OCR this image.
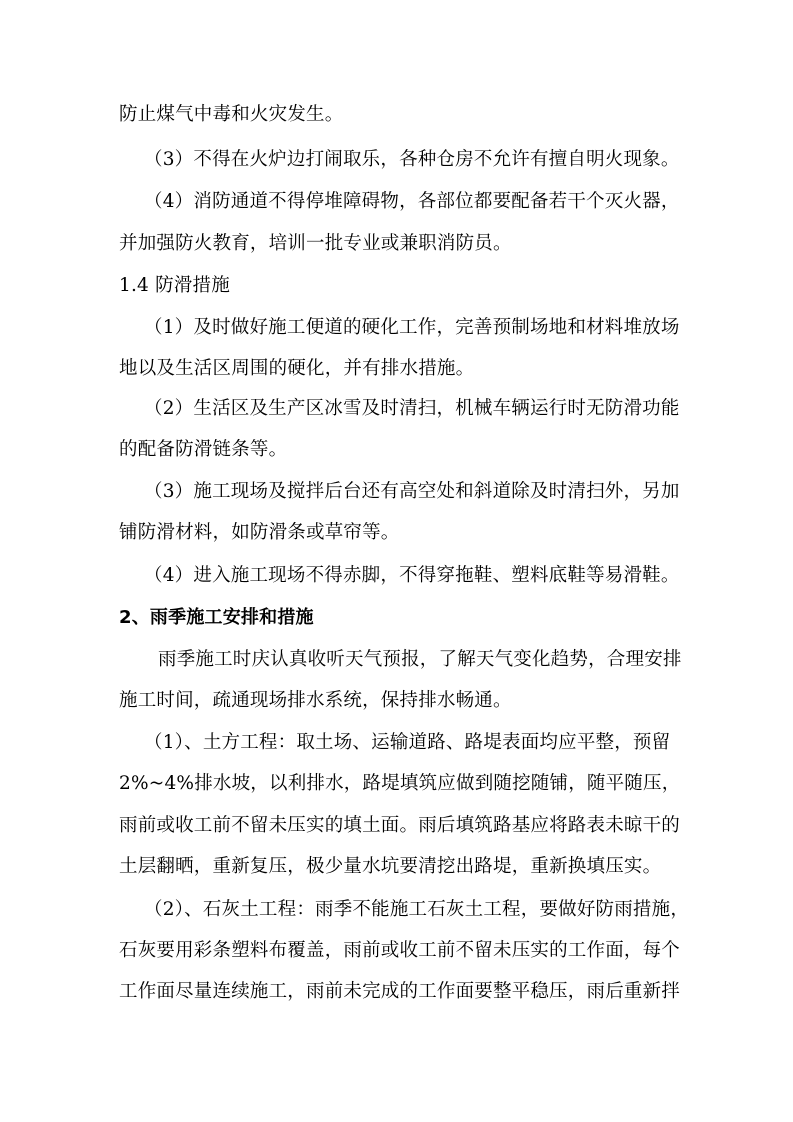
防止煤气中毒和火灾发生。
（3）不得在火炉边打闹取乐，各种仓房不允许有擅自明火现象。
（4）消防通道不得停堆障碍物，各部位都要配备若干个灭火器，
并加强防火教育，培训一批专业或兼职消防员。
1.4 防滑措施
（1）及时做好施工便道的硬化工作，完善预制场地和材料堆放场
地以及生活区周围的硬化，并有排水措施。
（2）生活区及生产区冰雪及时清扫，机械车辆运行时无防滑功能
的配备防滑链条等。
（3）施工现场及搅拌后台还有高空处和斜道除及时清扫外，另加
铺防滑材料，如防滑条或草帘等。
（4）进入施工现场不得赤脚，不得穿拖鞋、塑料底鞋等易滑鞋。
2、雨季施工安排和措施
雨季施工时庆认真收听天气预报，了解天气变化趋势，合理安排
施工时间，疏通现场排水系统，保持排水畅通。
（1）、土方工程：取土场、运输道路、路堤表面均应平整，预留
2%~4%排水坡，以利排水，路堤填筑应做到随挖随铺，随平随压，
雨前或收工前不留未压实的填土面。雨后填筑路基应将路表未晾干的
土层翻晒，重新复压，极少量水坑要清挖出路堤，重新换填压实。
（2）、石灰土工程：雨季不能施工石灰土工程，要做好防雨措施，
石灰要用彩条塑料布覆盖，雨前或收工前不留未压实的工作面，每个
工作面尽量连续施工，雨前未完成的工作面要整平稳压，雨后重新拌
